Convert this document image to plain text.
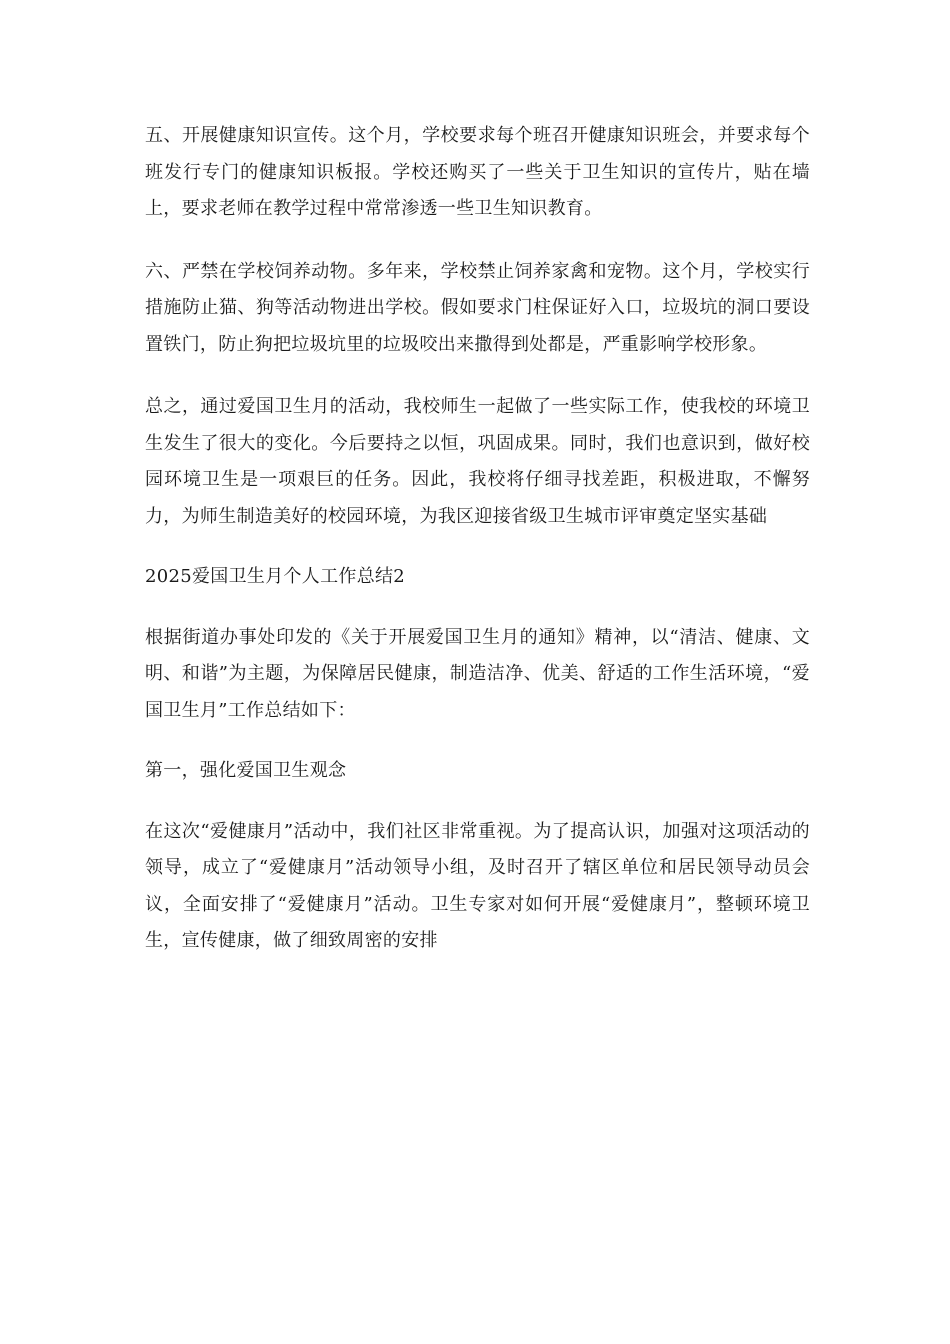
五、开展健康知识宣传。这个月，学校要求每个班召开健康知识班会，并要求每个班发行专门的健康知识板报。学校还购买了一些关于卫生知识的宣传片，贴在墙上，要求老师在教学过程中常常渗透一些卫生知识教育。

六、严禁在学校饲养动物。多年来，学校禁止饲养家禽和宠物。这个月，学校实行措施防止猫、狗等活动物进出学校。假如要求门柱保证好入口，垃圾坑的洞口要设置铁门，防止狗把垃圾坑里的垃圾咬出来撒得到处都是，严重影响学校形象。

总之，通过爱国卫生月的活动，我校师生一起做了一些实际工作，使我校的环境卫生发生了很大的变化。今后要持之以恒，巩固成果。同时，我们也意识到，做好校园环境卫生是一项艰巨的任务。因此，我校将仔细寻找差距，积极进取，不懈努力，为师生制造美好的校园环境，为我区迎接省级卫生城市评审奠定坚实基础

2025爱国卫生月个人工作总结2

根据街道办事处印发的《关于开展爱国卫生月的通知》精神，以“清洁、健康、文明、和谐”为主题，为保障居民健康，制造洁净、优美、舒适的工作生活环境，“爱国卫生月”工作总结如下：

第一，强化爱国卫生观念

在这次“爱健康月”活动中，我们社区非常重视。为了提高认识，加强对这项活动的领导，成立了“爱健康月”活动领导小组，及时召开了辖区单位和居民领导动员会议，全面安排了“爱健康月”活动。卫生专家对如何开展“爱健康月”，整顿环境卫生，宣传健康，做了细致周密的安排
